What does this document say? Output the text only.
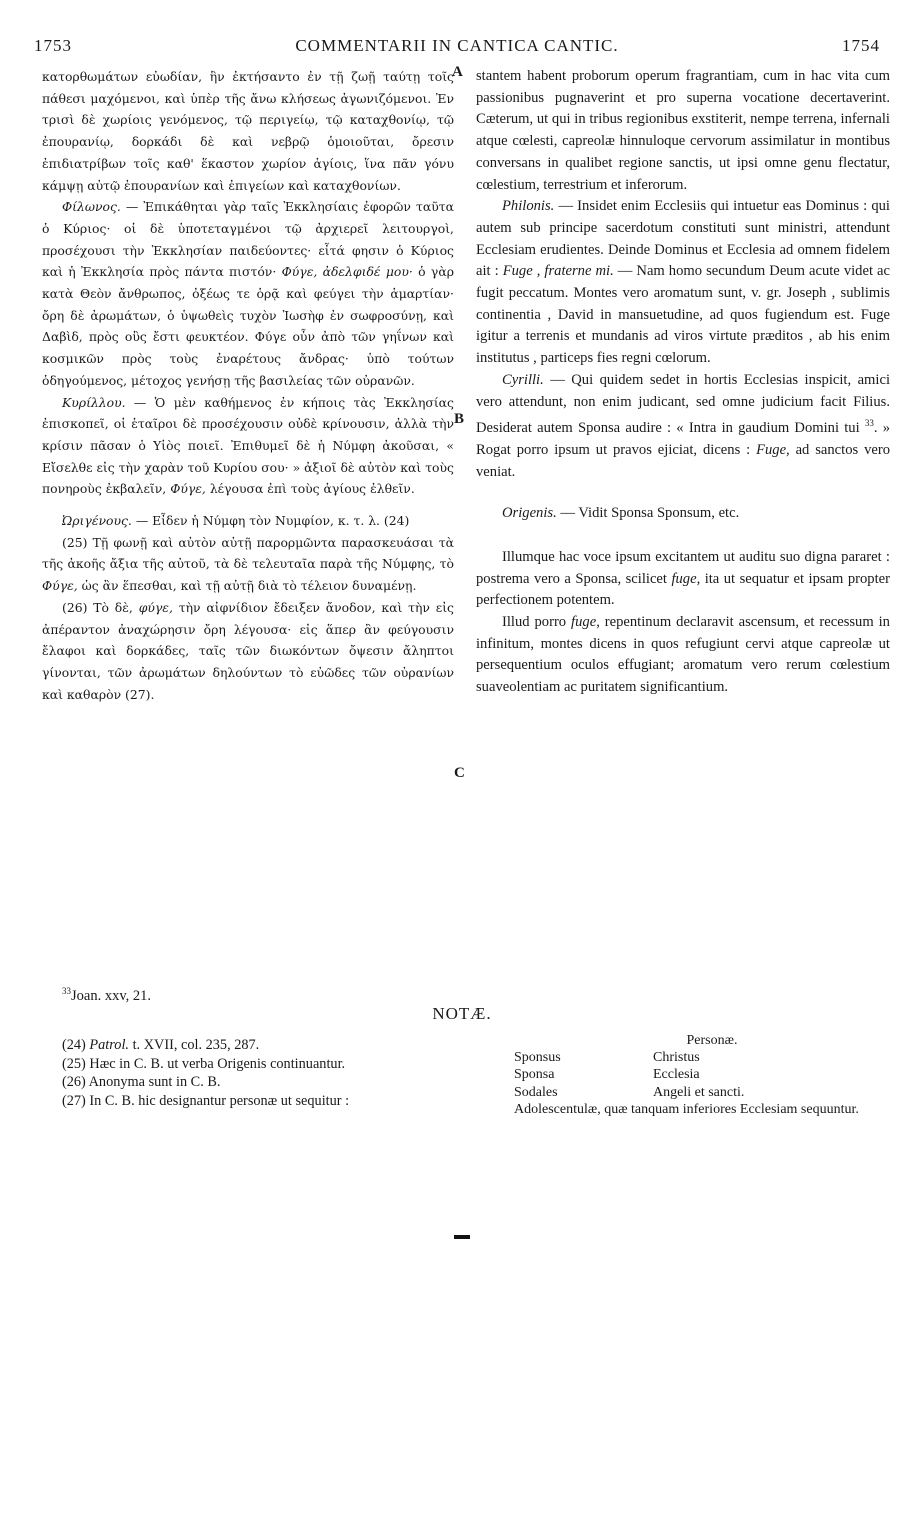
1753	COMMENTARII IN CANTICA CANTIC.	1754
A
B
C

κατορθωμάτων εὐωδίαν, ἣν ἐκτήσαντο ἐν τῇ ζωῇ ταύτῃ τοῖς πάθεσι μαχόμενοι, καὶ ὑπὲρ τῆς ἄνω κλήσεως ἀγωνιζόμενοι. Ἐν τρισὶ δὲ χωρίοις γενόμενος, τῷ περιγείῳ, τῷ καταχθονίῳ, τῷ ἐπουρανίῳ, δορκάδι δὲ καὶ νεβρῷ ὁμοιοῦται, ὄρεσιν ἐπιδιατρίβων τοῖς καθ' ἕκαστον χωρίον ἁγίοις, ἵνα πᾶν γόνυ κάμψῃ αὐτῷ ἐπουρανίων καὶ ἐπιγείων καὶ καταχθονίων.

Φίλωνος. — Ἐπικάθηται γὰρ ταῖς Ἐκκλησίαις ἐφορῶν ταῦτα ὁ Κύριος· οἱ δὲ ὑποτεταγμένοι τῷ ἀρχιερεῖ λειτουργοὶ, προσέχουσι τὴν Ἐκκλησίαν παιδεύοντες· εἶτά φησιν ὁ Κύριος καὶ ἡ Ἐκκλησία πρὸς πάντα πιστόν· Φύγε, ἀδελφιδέ μου· ὁ γὰρ κατὰ Θεὸν ἄνθρωπος, ὀξέως τε ὁρᾷ καὶ φεύγει τὴν ἁμαρτίαν· ὄρη δὲ ἀρωμάτων, ὁ ὑψωθεὶς τυχὸν Ἰωσὴφ ἐν σωφροσύνῃ, καὶ Δαβὶδ, πρὸς οὓς ἔστι φευκτέον. Φύγε οὖν ἀπὸ τῶν γηΐνων καὶ κοσμικῶν πρὸς τοὺς ἐναρέτους ἄνδρας· ὑπὸ τούτων ὁδηγούμενος, μέτοχος γενήσῃ τῆς βασιλείας τῶν οὐρανῶν.

Κυρίλλου. — Ὁ μὲν καθήμενος ἐν κήποις τὰς Ἐκκλησίας ἐπισκοπεῖ, οἱ ἑταῖροι δὲ προσέχουσιν οὐδὲ κρίνουσιν, ἀλλὰ τὴν κρίσιν πᾶσαν ὁ Υἱὸς ποιεῖ. Ἐπιθυμεῖ δὲ ἡ Νύμφη ἀκοῦσαι, « Εἴσελθε εἰς τὴν χαρὰν τοῦ Κυρίου σου· » ἀξιοῖ δὲ αὐτὸν καὶ τοὺς πονηροὺς ἐκβαλεῖν, Φύγε, λέγουσα ἐπὶ τοὺς ἁγίους ἐλθεῖν.

Ὠριγένους. — Εἶδεν ἡ Νύμφη τὸν Νυμφίον, κ. τ. λ. (24)

(25) Τῇ φωνῇ καὶ αὐτὸν αὐτῇ παρορμῶντα παρασκευάσαι τὰ τῆς ἀκοῆς ἄξια τῆς αὐτοῦ, τὰ δὲ τελευταῖα παρὰ τῆς Νύμφης, τὸ Φύγε, ὡς ἂν ἕπεσθαι, καὶ τῇ αὐτῇ διὰ τὸ τέλειον δυναμένῃ.

(26) Τὸ δὲ, φύγε, τὴν αἰφνίδιον ἔδειξεν ἄνοδον, καὶ τὴν εἰς ἀπέραντον ἀναχώρησιν ὄρη λέγουσα· εἰς ἅπερ ἂν φεύγουσιν ἔλαφοι καὶ δορκάδες, ταῖς τῶν διωκόντων ὄψεσιν ἄληπτοι γίνονται, τῶν ἀρωμάτων δηλούντων τὸ εὐῶδες τῶν οὐρανίων καὶ καθαρὸν (27).

stantem habent proborum operum fragrantiam, cum in hac vita cum passionibus pugnaverint et pro superna vocatione decertaverint. Cæterum, ut qui in tribus regionibus exstiterit, nempe terrena, infernali atque cœlesti, capreolæ hinnuloque cervorum assimilatur in montibus conversans in qualibet regione sanctis, ut ipsi omne genu flectatur, cœlestium, terrestrium et inferorum.

Philonis. — Insidet enim Ecclesiis qui intuetur eas Dominus : qui autem sub principe sacerdotum constituti sunt ministri, attendunt Ecclesiam erudientes. Deinde Dominus et Ecclesia ad omnem fidelem ait : Fuge , fraterne mi. — Nam homo secundum Deum acute videt ac fugit peccatum. Montes vero aromatum sunt, v. gr. Joseph , sublimis continentia , David in mansuetudine, ad quos fugiendum est. Fuge igitur a terrenis et mundanis ad viros virtute præditos , ab his enim institutus , particeps fies regni cœlorum.

Cyrilli. — Qui quidem sedet in hortis Ecclesias inspicit, amici vero attendunt, non enim judicant, sed omne judicium facit Filius. Desiderat autem Sponsa audire : « Intra in gaudium Domini tui $^{33}$. » Rogat porro ipsum ut pravos ejiciat, dicens : Fuge, ad sanctos vero veniat.

Origenis. — Vidit Sponsa Sponsum, etc.

Illumque hac voce ipsum excitantem ut auditu suo digna pararet : postrema vero a Sponsa, scilicet fuge, ita ut sequatur et ipsam propter perfectionem potentem.

Illud porro fuge, repentinum declaravit ascensum, et recessum in infinitum, montes dicens in quos refugiunt cervi atque capreolæ ut persequentium oculos effugiant; aromatum vero rerum cœlestium suaveolentiam ac puritatem significantium.

$^{33}$Joan. xxv, 21.
NOTÆ.

(24) Patrol. t. XVII, col. 235, 287.

(25) Hæc in C. B. ut verba Origenis continuantur.

(26) Anonyma sunt in C. B.

(27) In C. B. hic designantur personæ ut sequitur :

Personæ.
Sponsus	Christus
Sponsa	Ecclesia
Sodales	Angeli et sancti.
Adolescentulæ, quæ tanquam inferiores Ecclesiam sequuntur.
